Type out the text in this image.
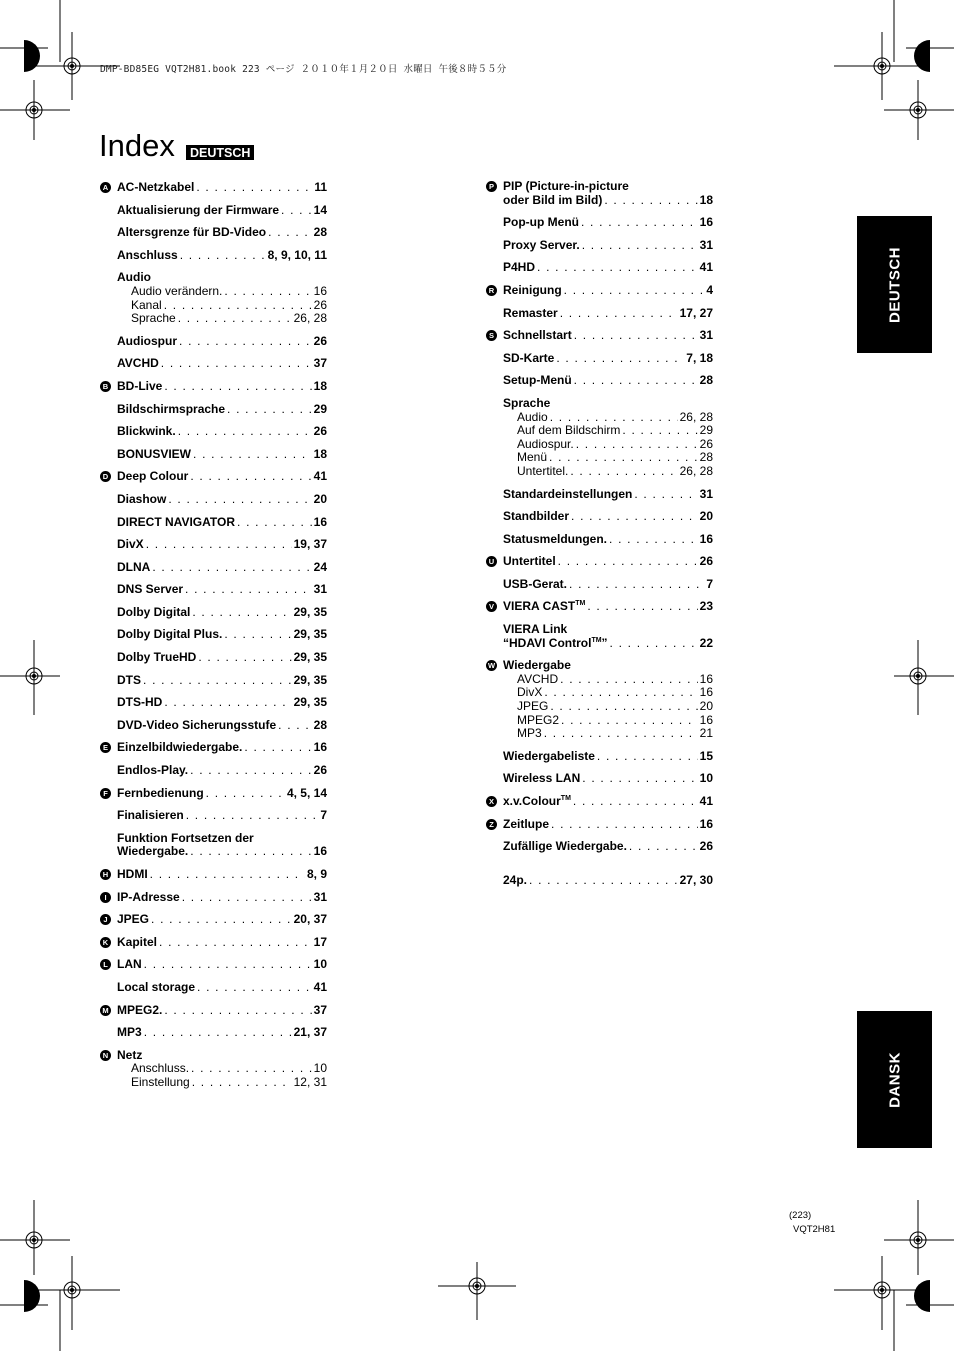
DMP-BD85EG VQT2H81.book 223 ページ ２０１０年１月２０日 水曜日 午後８時５５分
Index	DEUTSCH
A AC-Netzkabel . . .	11
Aktualisierung der Firmware . . .	14
Altersgrenze für BD-Video . . .	28
Anschluss . . .	8, 9, 10, 11
Audio
Audio verändern. . . .	16
Kanal . . .	26
Sprache . . .	26, 28
Audiospur . . .	26
AVCHD . . .	37
B BD-Live . . .	18
Bildschirmsprache . . .	29
Blickwink. . . .	26
BONUSVIEW . . .	18
D Deep Colour . . .	41
Diashow . . .	20
DIRECT NAVIGATOR . . .	16
DivX . . .	19, 37
DLNA . . .	24
DNS Server . . .	31
Dolby Digital . . .	29, 35
Dolby Digital Plus. . . .	29, 35
Dolby TrueHD . . .	29, 35
DTS . . .	29, 35
DTS-HD . . .	29, 35
DVD-Video Sicherungsstufe . . .	28
E Einzelbildwiedergabe. . . .	16
Endlos-Play. . . .	26
F Fernbedienung . . .	4, 5, 14
Finalisieren . . .	7
Funktion Fortsetzen der
Wiedergabe. . . .	16
H HDMI . . .	8, 9
I IP-Adresse . . .	31
J JPEG . . .	20, 37
K Kapitel . . .	17
L LAN . . .	10
Local storage . . .	41
M MPEG2. . . .	37
MP3 . . .	21, 37
N Netz
Anschluss. . . .	10
Einstellung . . .	12, 31
P PIP (Picture-in-picture
oder Bild im Bild) . . .	18
Pop-up Menü . . .	16
Proxy Server. . . .	31
P4HD . . .	41
R Reinigung . . .	4
Remaster . . .	17, 27
S Schnellstart . . .	31
SD-Karte . . .	7, 18
Setup-Menü . . .	28
Sprache
Audio . . .	26, 28
Auf dem Bildschirm . . .	29
Audiospur. . . .	26
Menü . . .	28
Untertitel. . . .	26, 28
Standardeinstellungen . . .	31
Standbilder . . .	20
Statusmeldungen. . . .	16
U Untertitel . . .	26
USB-Gerat. . . .	7
V VIERA CAST™ . . .	23
VIERA Link
“HDAVI Control™” . . .	22
W Wiedergabe
AVCHD . . .	16
DivX . . .	16
JPEG . . .	20
MPEG2 . . .	16
MP3 . . .	21
Wiedergabeliste . . .	15
Wireless LAN . . .	10
X x.v.Colour™ . . .	41
Z Zeitlupe . . .	16
Zufällige Wiedergabe. . . .	26
24p. . . .	27, 30
DEUTSCH
DANSK
(223)
VQT2H81
